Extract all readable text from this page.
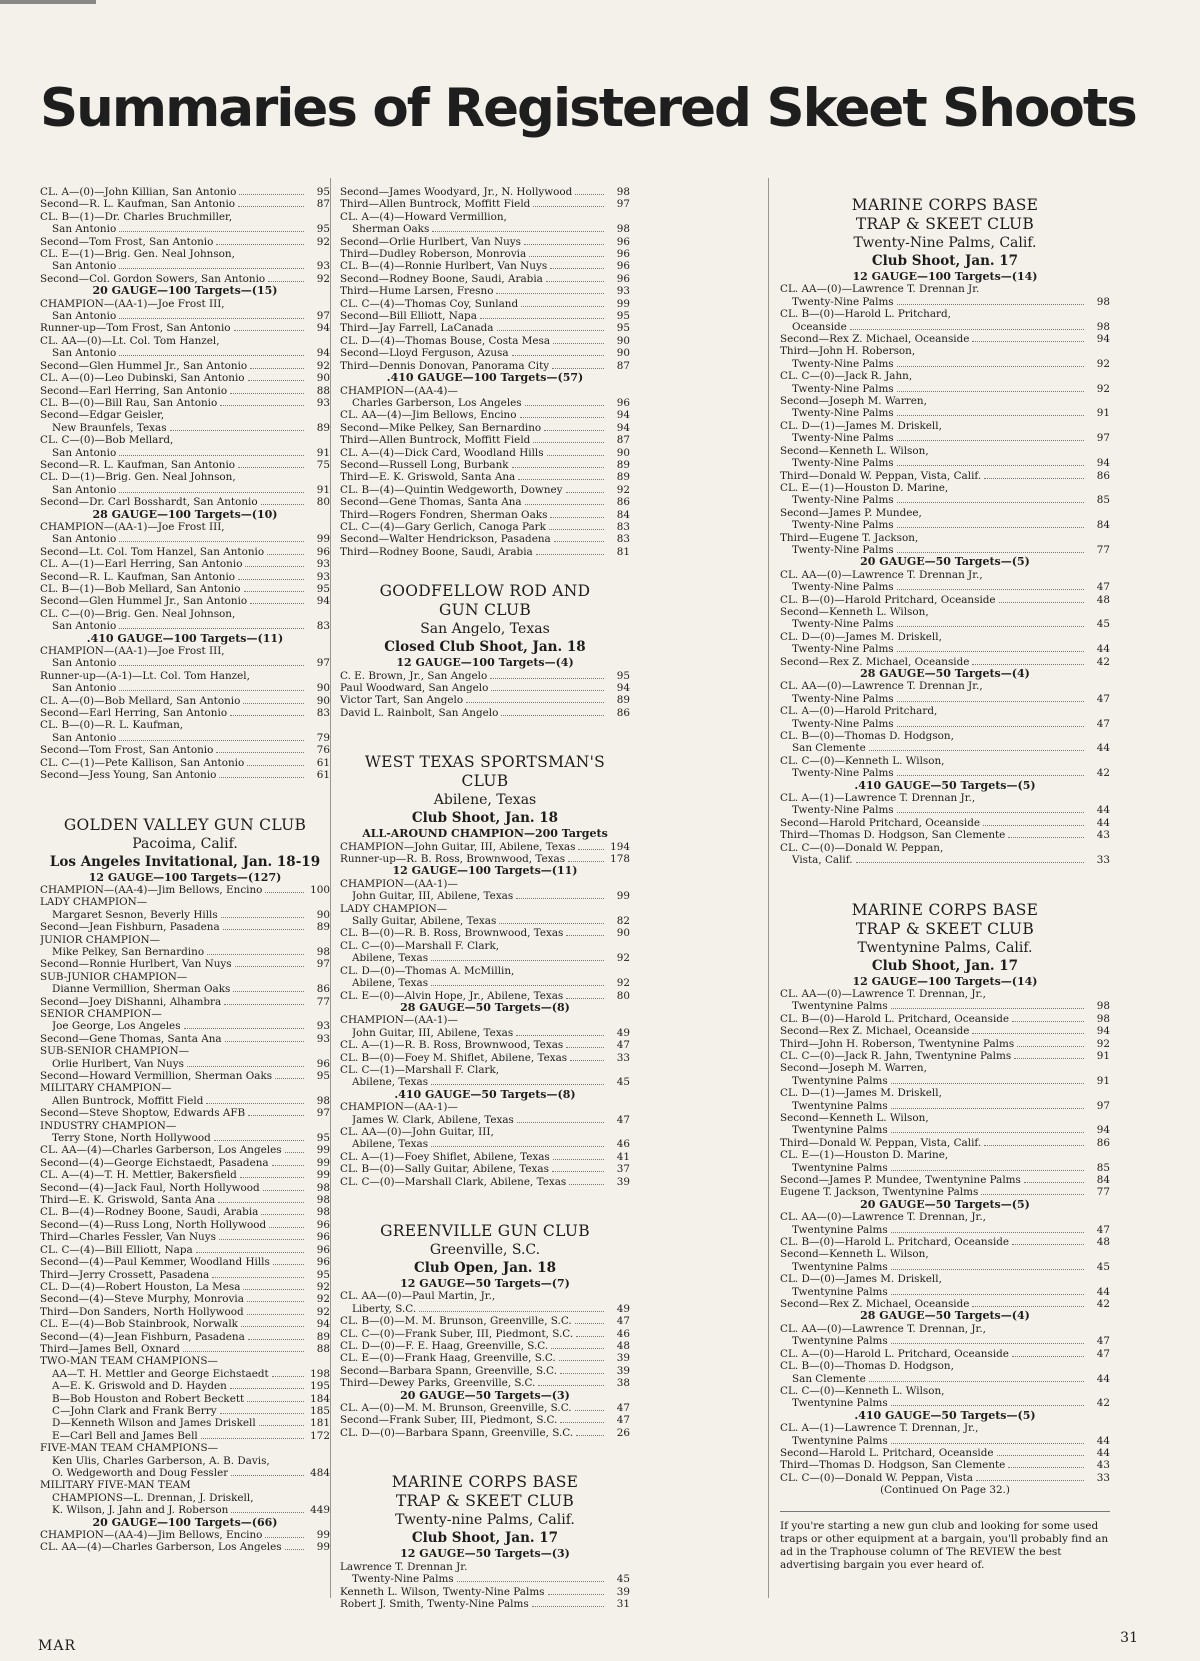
Summaries of Registered Skeet Shoots
CL. A—(0)—John Killian, San Antonio	95
Second—R. L. Kaufman, San Antonio	87
CL. B—(1)—Dr. Charles Bruchmiller,
San Antonio	95
Second—Tom Frost, San Antonio	92
CL. E—(1)—Brig. Gen. Neal Johnson,
San Antonio	93
Second—Col. Gordon Sowers, San Antonio	92
20 GAUGE—100 Targets—(15)
CHAMPION—(AA-1)—Joe Frost III,
San Antonio	97
Runner-up—Tom Frost, San Antonio	94
CL. AA—(0)—Lt. Col. Tom Hanzel,
San Antonio	94
Second—Glen Hummel Jr., San Antonio	92
CL. A—(0)—Leo Dubinski, San Antonio	90
Second—Earl Herring, San Antonio	88
CL. B—(0)—Bill Rau, San Antonio	93
Second—Edgar Geisler,
New Braunfels, Texas	89
CL. C—(0)—Bob Mellard,
San Antonio	91
Second—R. L. Kaufman, San Antonio	75
CL. D—(1)—Brig. Gen. Neal Johnson,
San Antonio	91
Second—Dr. Carl Bosshardt, San Antonio	80
28 GAUGE—100 Targets—(10)
CHAMPION—(AA-1)—Joe Frost III,
San Antonio	99
Second—Lt. Col. Tom Hanzel, San Antonio	96
CL. A—(1)—Earl Herring, San Antonio	93
Second—R. L. Kaufman, San Antonio	93
CL. B—(1)—Bob Mellard, San Antonio	95
Second—Glen Hummel Jr., San Antonio	94
CL. C—(0)—Brig. Gen. Neal Johnson,
San Antonio	83
.410 GAUGE—100 Targets—(11)
CHAMPION—(AA-1)—Joe Frost III,
San Antonio	97
Runner-up—(A-1)—Lt. Col. Tom Hanzel,
San Antonio	90
CL. A—(0)—Bob Mellard, San Antonio	90
Second—Earl Herring, San Antonio	83
CL. B—(0)—R. L. Kaufman,
San Antonio	79
Second—Tom Frost, San Antonio	76
CL. C—(1)—Pete Kallison, San Antonio	61
Second—Jess Young, San Antonio	61
GOLDEN VALLEY GUN CLUB
Pacoima, Calif.
Los Angeles Invitational, Jan. 18-19
12 GAUGE—100 Targets—(127)
CHAMPION—(AA-4)—Jim Bellows, Encino	100
LADY CHAMPION—
Margaret Sesnon, Beverly Hills	90
Second—Jean Fishburn, Pasadena	89
JUNIOR CHAMPION—
Mike Pelkey, San Bernardino	98
Second—Ronnie Hurlbert, Van Nuys	97
SUB-JUNIOR CHAMPION—
Dianne Vermillion, Sherman Oaks	86
Second—Joey DiShanni, Alhambra	77
SENIOR CHAMPION—
Joe George, Los Angeles	93
Second—Gene Thomas, Santa Ana	93
SUB-SENIOR CHAMPION—
Orlie Hurlbert, Van Nuys	96
Second—Howard Vermillion, Sherman Oaks	95
MILITARY CHAMPION—
Allen Buntrock, Moffitt Field	98
Second—Steve Shoptow, Edwards AFB	97
INDUSTRY CHAMPION—
Terry Stone, North Hollywood	95
CL. AA—(4)—Charles Garberson, Los Angeles	99
Second—(4)—George Eichstaedt, Pasadena	99
CL. A—(4)—T. H. Mettler, Bakersfield	99
Second—(4)—Jack Faul, North Hollywood	98
Third—E. K. Griswold, Santa Ana	98
CL. B—(4)—Rodney Boone, Saudi, Arabia	98
Second—(4)—Russ Long, North Hollywood	96
Third—Charles Fessler, Van Nuys	96
CL. C—(4)—Bill Elliott, Napa	96
Second—(4)—Paul Kemmer, Woodland Hills	96
Third—Jerry Crossett, Pasadena	95
CL. D—(4)—Robert Houston, La Mesa	92
Second—(4)—Steve Murphy, Monrovia	92
Third—Don Sanders, North Hollywood	92
CL. E—(4)—Bob Stainbrook, Norwalk	94
Second—(4)—Jean Fishburn, Pasadena	89
Third—James Bell, Oxnard	88
TWO-MAN TEAM CHAMPIONS—
AA—T. H. Mettler and George Eichstaedt	198
A—E. K. Griswold and D. Hayden	195
B—Bob Houston and Robert Beckett	184
C—John Clark and Frank Berry	185
D—Kenneth Wilson and James Driskell	181
E—Carl Bell and James Bell	172
FIVE-MAN TEAM CHAMPIONS—
Ken Ulis, Charles Garberson, A. B. Davis,
O. Wedgeworth and Doug Fessler	484
MILITARY FIVE-MAN TEAM
CHAMPIONS—L. Drennan, J. Driskell,
K. Wilson, J. Jahn and J. Roberson	449
20 GAUGE—100 Targets—(66)
CHAMPION—(AA-4)—Jim Bellows, Encino	99
CL. AA—(4)—Charles Garberson, Los Angeles	99
Second—James Woodyard, Jr., N. Hollywood	98
Third—Allen Buntrock, Moffitt Field	97
CL. A—(4)—Howard Vermillion,
Sherman Oaks	98
Second—Orlie Hurlbert, Van Nuys	96
Third—Dudley Roberson, Monrovia	96
CL. B—(4)—Ronnie Hurlbert, Van Nuys	96
Second—Rodney Boone, Saudi, Arabia	96
Third—Hume Larsen, Fresno	93
CL. C—(4)—Thomas Coy, Sunland	99
Second—Bill Elliott, Napa	95
Third—Jay Farrell, LaCanada	95
CL. D—(4)—Thomas Bouse, Costa Mesa	90
Second—Lloyd Ferguson, Azusa	90
Third—Dennis Donovan, Panorama City	87
.410 GAUGE—100 Targets—(57)
CHAMPION—(AA-4)—
Charles Garberson, Los Angeles	96
CL. AA—(4)—Jim Bellows, Encino	94
Second—Mike Pelkey, San Bernardino	94
Third—Allen Buntrock, Moffitt Field	87
CL. A—(4)—Dick Card, Woodland Hills	90
Second—Russell Long, Burbank	89
Third—E. K. Griswold, Santa Ana	89
CL. B—(4)—Quintin Wedgeworth, Downey	92
Second—Gene Thomas, Santa Ana	86
Third—Rogers Fondren, Sherman Oaks	84
CL. C—(4)—Gary Gerlich, Canoga Park	83
Second—Walter Hendrickson, Pasadena	83
Third—Rodney Boone, Saudi, Arabia	81
GOODFELLOW ROD AND
GUN CLUB
San Angelo, Texas
Closed Club Shoot, Jan. 18
12 GAUGE—100 Targets—(4)
C. E. Brown, Jr., San Angelo	95
Paul Woodward, San Angelo	94
Victor Tart, San Angelo	89
David L. Rainbolt, San Angelo	86
WEST TEXAS SPORTSMAN'S CLUB
Abilene, Texas
Club Shoot, Jan. 18
ALL-AROUND CHAMPION—200 Targets
CHAMPION—John Guitar, III, Abilene, Texas	194
Runner-up—R. B. Ross, Brownwood, Texas	178
12 GAUGE—100 Targets—(11)
CHAMPION—(AA-1)—
John Guitar, III, Abilene, Texas	99
LADY CHAMPION—
Sally Guitar, Abilene, Texas	82
CL. B—(0)—R. B. Ross, Brownwood, Texas	90
CL. C—(0)—Marshall F. Clark,
Abilene, Texas	92
CL. D—(0)—Thomas A. McMillin,
Abilene, Texas	92
CL. E—(0)—Alvin Hope, Jr., Abilene, Texas	80
28 GAUGE—50 Targets—(8)
CHAMPION—(AA-1)—
John Guitar, III, Abilene, Texas	49
CL. A—(1)—R. B. Ross, Brownwood, Texas	47
CL. B—(0)—Foey M. Shiflet, Abilene, Texas	33
CL. C—(1)—Marshall F. Clark,
Abilene, Texas	45
.410 GAUGE—50 Targets—(8)
CHAMPION—(AA-1)—
James W. Clark, Abilene, Texas	47
CL. AA—(0)—John Guitar, III,
Abilene, Texas	46
CL. A—(1)—Foey Shiflet, Abilene, Texas	41
CL. B—(0)—Sally Guitar, Abilene, Texas	37
CL. C—(0)—Marshall Clark, Abilene, Texas	39
GREENVILLE GUN CLUB
Greenville, S.C.
Club Open, Jan. 18
12 GAUGE—50 Targets—(7)
CL. AA—(0)—Paul Martin, Jr.,
Liberty, S.C.	49
CL. B—(0)—M. M. Brunson, Greenville, S.C.	47
CL. C—(0)—Frank Suber, III, Piedmont, S.C.	46
CL. D—(0)—F. E. Haag, Greenville, S.C.	48
CL. E—(0)—Frank Haag, Greenville, S.C.	39
Second—Barbara Spann, Greenville, S.C.	39
Third—Dewey Parks, Greenville, S.C.	38
20 GAUGE—50 Targets—(3)
CL. A—(0)—M. M. Brunson, Greenville, S.C.	47
Second—Frank Suber, III, Piedmont, S.C.	47
CL. D—(0)—Barbara Spann, Greenville, S.C.	26
MARINE CORPS BASE
TRAP & SKEET CLUB
Twenty-nine Palms, Calif.
Club Shoot, Jan. 17
12 GAUGE—50 Targets—(3)
Lawrence T. Drennan Jr.
Twenty-Nine Palms	45
Kenneth L. Wilson, Twenty-Nine Palms	39
Robert J. Smith, Twenty-Nine Palms	31
MARINE CORPS BASE
TRAP & SKEET CLUB
Twenty-Nine Palms, Calif.
Club Shoot, Jan. 17
12 GAUGE—100 Targets—(14)
CL. AA—(0)—Lawrence T. Drennan Jr.
Twenty-Nine Palms	98
CL. B—(0)—Harold L. Pritchard,
Oceanside	98
Second—Rex Z. Michael, Oceanside	94
Third—John H. Roberson,
Twenty-Nine Palms	92
CL. C—(0)—Jack R. Jahn,
Twenty-Nine Palms	92
Second—Joseph M. Warren,
Twenty-Nine Palms	91
CL. D—(1)—James M. Driskell,
Twenty-Nine Palms	97
Second—Kenneth L. Wilson,
Twenty-Nine Palms	94
Third—Donald W. Peppan, Vista, Calif.	86
CL. E—(1)—Houston D. Marine,
Twenty-Nine Palms	85
Second—James P. Mundee,
Twenty-Nine Palms	84
Third—Eugene T. Jackson,
Twenty-Nine Palms	77
20 GAUGE—50 Targets—(5)
CL. AA—(0)—Lawrence T. Drennan Jr.,
Twenty-Nine Palms	47
CL. B—(0)—Harold Pritchard, Oceanside	48
Second—Kenneth L. Wilson,
Twenty-Nine Palms	45
CL. D—(0)—James M. Driskell,
Twenty-Nine Palms	44
Second—Rex Z. Michael, Oceanside	42
28 GAUGE—50 Targets—(4)
CL. AA—(0)—Lawrence T. Drennan Jr.,
Twenty-Nine Palms	47
CL. A—(0)—Harold Pritchard,
Twenty-Nine Palms	47
CL. B—(0)—Thomas D. Hodgson,
San Clemente	44
CL. C—(0)—Kenneth L. Wilson,
Twenty-Nine Palms	42
.410 GAUGE—50 Targets—(5)
CL. A—(1)—Lawrence T. Drennan Jr.,
Twenty-Nine Palms	44
Second—Harold Pritchard, Oceanside	44
Third—Thomas D. Hodgson, San Clemente	43
CL. C—(0)—Donald W. Peppan,
Vista, Calif.	33
MARINE CORPS BASE
TRAP & SKEET CLUB
Twentynine Palms, Calif.
Club Shoot, Jan. 17
12 GAUGE—100 Targets—(14)
CL. AA—(0)—Lawrence T. Drennan, Jr.,
Twentynine Palms	98
CL. B—(0)—Harold L. Pritchard, Oceanside	98
Second—Rex Z. Michael, Oceanside	94
Third—John H. Roberson, Twentynine Palms	92
CL. C—(0)—Jack R. Jahn, Twentynine Palms	91
Second—Joseph M. Warren,
Twentynine Palms	91
CL. D—(1)—James M. Driskell,
Twentynine Palms	97
Second—Kenneth L. Wilson,
Twentynine Palms	94
Third—Donald W. Peppan, Vista, Calif.	86
CL. E—(1)—Houston D. Marine,
Twentynine Palms	85
Second—James P. Mundee, Twentynine Palms	84
Eugene T. Jackson, Twentynine Palms	77
20 GAUGE—50 Targets—(5)
CL. AA—(0)—Lawrence T. Drennan, Jr.,
Twentynine Palms	47
CL. B—(0)—Harold L. Pritchard, Oceanside	48
Second—Kenneth L. Wilson,
Twentynine Palms	45
CL. D—(0)—James M. Driskell,
Twentynine Palms	44
Second—Rex Z. Michael, Oceanside	42
28 GAUGE—50 Targets—(4)
CL. AA—(0)—Lawrence T. Drennan, Jr.,
Twentynine Palms	47
CL. A—(0)—Harold L. Pritchard, Oceanside	47
CL. B—(0)—Thomas D. Hodgson,
San Clemente	44
CL. C—(0)—Kenneth L. Wilson,
Twentynine Palms	42
.410 GAUGE—50 Targets—(5)
CL. A—(1)—Lawrence T. Drennan, Jr.,
Twentynine Palms	44
Second—Harold L. Pritchard, Oceanside	44
Third—Thomas D. Hodgson, San Clemente	43
CL. C—(0)—Donald W. Peppan, Vista	33
(Continued On Page 32.)
If you're starting a new gun club and looking for some used traps or other equipment at a bargain, you'll probably find an ad in the Traphouse column of The REVIEW the best advertising bargain you ever heard of.
MAR	31
